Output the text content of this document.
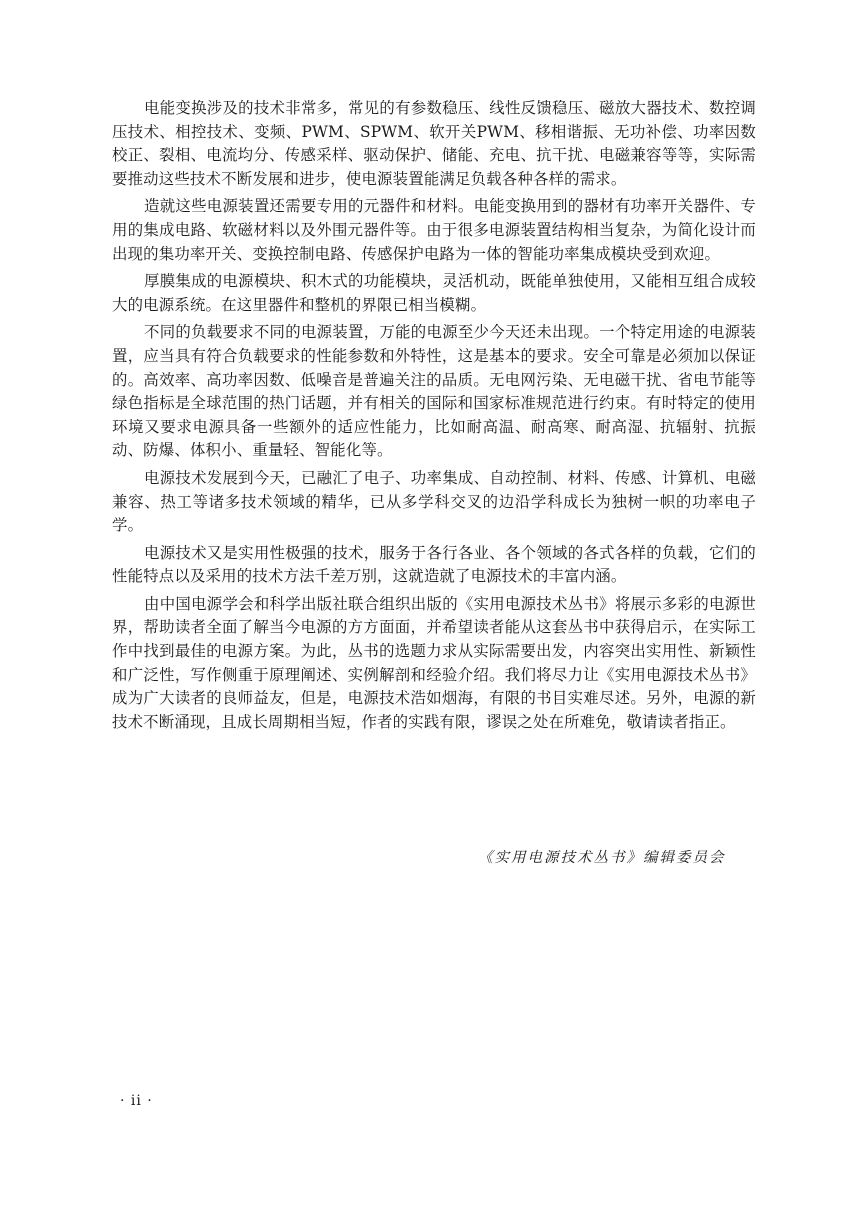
电能变换涉及的技术非常多，常见的有参数稳压、线性反馈稳压、磁放大器技术、数控调压技术、相控技术、变频、PWM、SPWM、软开关PWM、移相谐振、无功补偿、功率因数校正、裂相、电流均分、传感采样、驱动保护、储能、充电、抗干扰、电磁兼容等等，实际需要推动这些技术不断发展和进步，使电源装置能满足负载各种各样的需求。

造就这些电源装置还需要专用的元器件和材料。电能变换用到的器材有功率开关器件、专用的集成电路、软磁材料以及外围元器件等。由于很多电源装置结构相当复杂，为简化设计而出现的集功率开关、变换控制电路、传感保护电路为一体的智能功率集成模块受到欢迎。

厚膜集成的电源模块、积木式的功能模块，灵活机动，既能单独使用，又能相互组合成较大的电源系统。在这里器件和整机的界限已相当模糊。

不同的负载要求不同的电源装置，万能的电源至少今天还未出现。一个特定用途的电源装置，应当具有符合负载要求的性能参数和外特性，这是基本的要求。安全可靠是必须加以保证的。高效率、高功率因数、低噪音是普遍关注的品质。无电网污染、无电磁干扰、省电节能等绿色指标是全球范围的热门话题，并有相关的国际和国家标准规范进行约束。有时特定的使用环境又要求电源具备一些额外的适应性能力，比如耐高温、耐高寒、耐高湿、抗辐射、抗振动、防爆、体积小、重量轻、智能化等。

电源技术发展到今天，已融汇了电子、功率集成、自动控制、材料、传感、计算机、电磁兼容、热工等诸多技术领域的精华，已从多学科交叉的边沿学科成长为独树一帜的功率电子学。

电源技术又是实用性极强的技术，服务于各行各业、各个领域的各式各样的负载，它们的性能特点以及采用的技术方法千差万别，这就造就了电源技术的丰富内涵。

由中国电源学会和科学出版社联合组织出版的《实用电源技术丛书》将展示多彩的电源世界，帮助读者全面了解当今电源的方方面面，并希望读者能从这套丛书中获得启示，在实际工作中找到最佳的电源方案。为此，丛书的选题力求从实际需要出发，内容突出实用性、新颖性和广泛性，写作侧重于原理阐述、实例解剖和经验介绍。我们将尽力让《实用电源技术丛书》成为广大读者的良师益友，但是，电源技术浩如烟海，有限的书目实难尽述。另外，电源的新技术不断涌现，且成长周期相当短，作者的实践有限，谬误之处在所难免，敬请读者指正。

《实用电源技术丛书》编辑委员会
· ii ·
